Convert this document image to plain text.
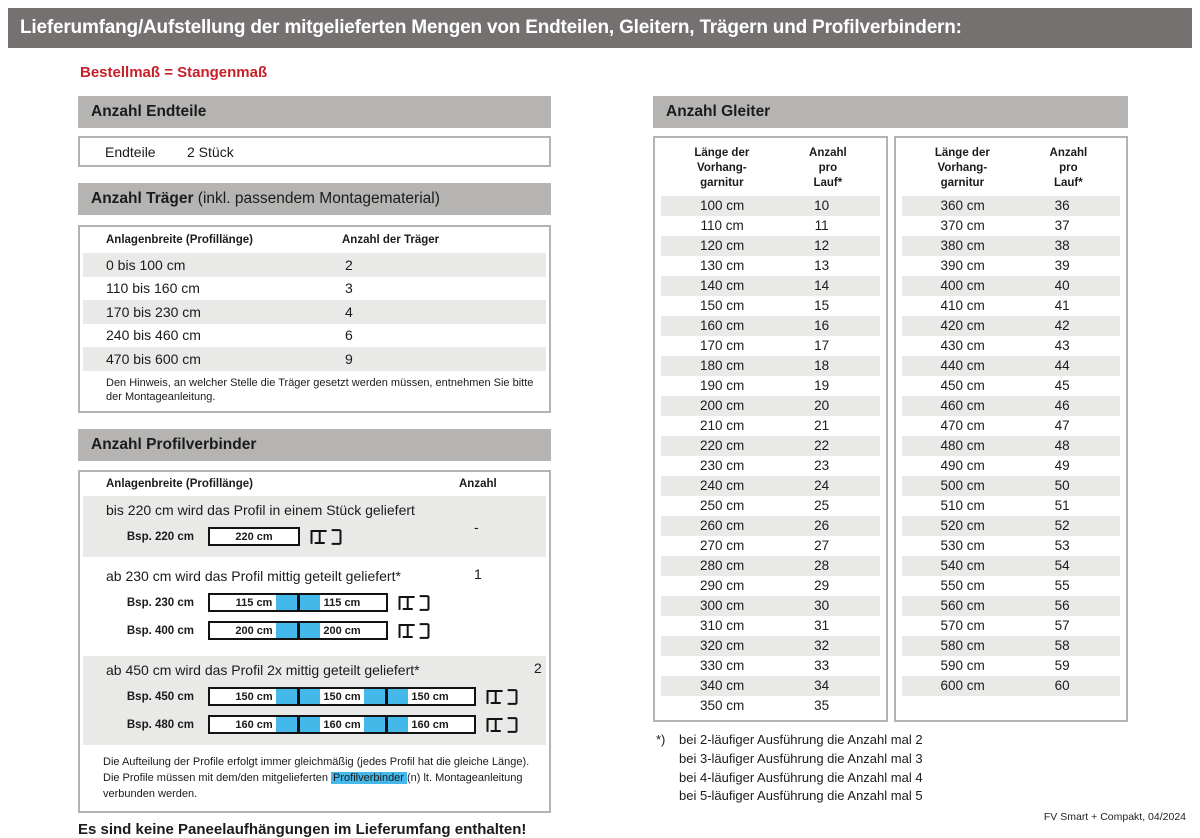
Lieferumfang/Aufstellung der mitgelieferten Mengen von Endteilen, Gleitern, Trägern und Profilverbindern:
Bestellmaß = Stangenmaß
Anzahl Endteile
Endteile	2 Stück
Anzahl Träger (inkl. passendem Montagematerial)
Anlagenbreite (Profillänge)	Anzahl der Träger
0 bis 100 cm	2
110 bis 160 cm	3
170 bis 230 cm	4
240 bis 460 cm	6
470 bis 600 cm	9
Den Hinweis, an welcher Stelle die Träger gesetzt werden müssen, entnehmen Sie bitte der Montageanleitung.
Anzahl Profilverbinder
Anlagenbreite (Profillänge)	Anzahl
bis 220 cm wird das Profil in einem Stück geliefert
Bsp. 220 cm	220 cm
-
ab 230 cm wird das Profil mittig geteilt geliefert*
Bsp. 230 cm	115 cm	115 cm
Bsp. 400 cm	200 cm	200 cm
1
ab 450 cm wird das Profil 2x mittig geteilt geliefert*
Bsp. 450 cm	150 cm	150 cm	150 cm
Bsp. 480 cm	160 cm	160 cm	160 cm
2
Die Aufteilung der Profile erfolgt immer gleichmäßig (jedes Profil hat die gleiche Länge). Die Profile müssen mit dem/den mitgelieferten Profilverbinder (n) lt. Montageanleitung verbunden werden.
Es sind keine Paneelaufhängungen im Lieferumfang enthalten!
Anzahl Gleiter
Länge der
Vorhang-
garnitur
Anzahl
pro
Lauf*
100 cm	10
110 cm	11
120 cm	12
130 cm	13
140 cm	14
150 cm	15
160 cm	16
170 cm	17
180 cm	18
190 cm	19
200 cm	20
210 cm	21
220 cm	22
230 cm	23
240 cm	24
250 cm	25
260 cm	26
270 cm	27
280 cm	28
290 cm	29
300 cm	30
310 cm	31
320 cm	32
330 cm	33
340 cm	34
350 cm	35
Länge der
Vorhang-
garnitur
Anzahl
pro
Lauf*
360 cm	36
370 cm	37
380 cm	38
390 cm	39
400 cm	40
410 cm	41
420 cm	42
430 cm	43
440 cm	44
450 cm	45
460 cm	46
470 cm	47
480 cm	48
490 cm	49
500 cm	50
510 cm	51
520 cm	52
530 cm	53
540 cm	54
550 cm	55
560 cm	56
570 cm	57
580 cm	58
590 cm	59
600 cm	60
*)	bei 2-läufiger Ausführung die Anzahl mal 2
bei 3-läufiger Ausführung die Anzahl mal 3
bei 4-läufiger Ausführung die Anzahl mal 4
bei 5-läufiger Ausführung die Anzahl mal 5
FV Smart + Compakt, 04/2024
